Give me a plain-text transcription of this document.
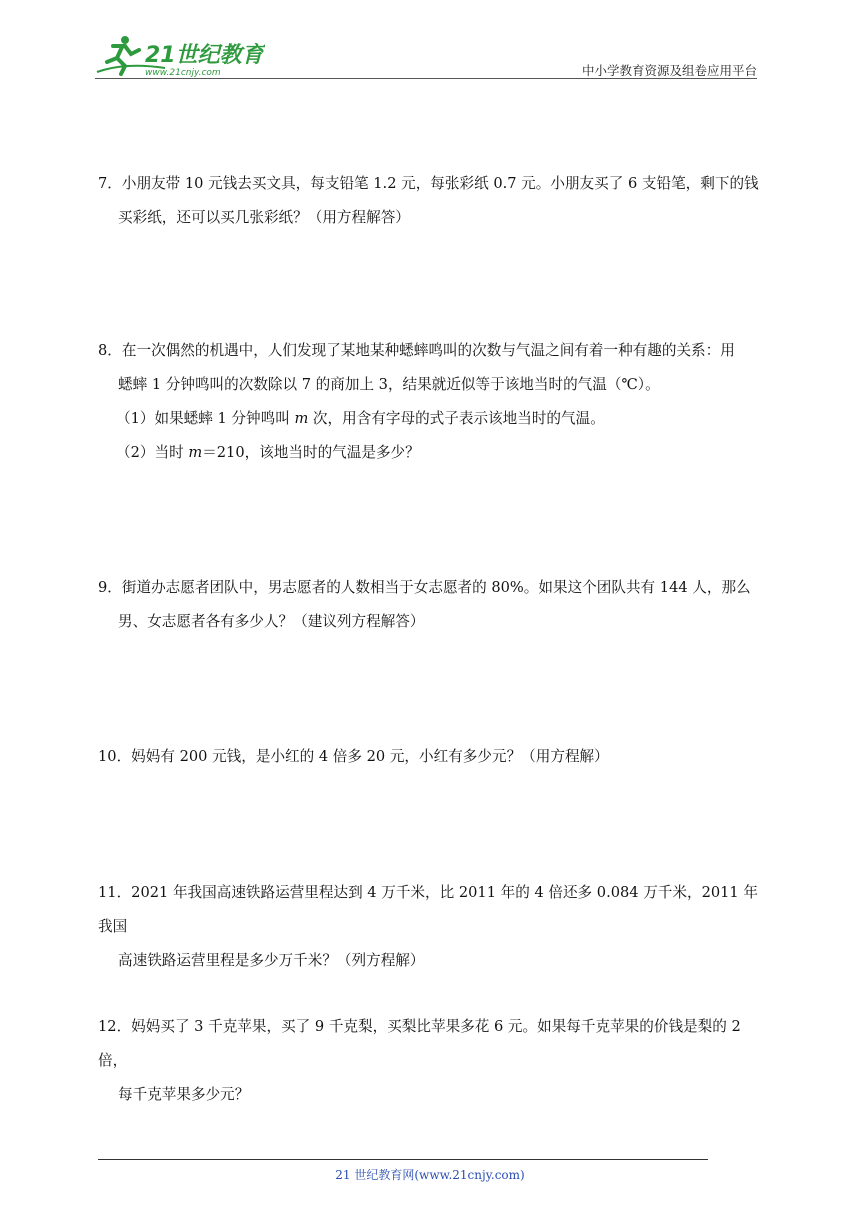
21世纪教育
www.21cnjy.com	中小学教育资源及组卷应用平台
7．小朋友带 10 元钱去买文具，每支铅笔 1.2 元，每张彩纸 0.7 元。小朋友买了 6 支铅笔，剩下的钱
买彩纸，还可以买几张彩纸？（用方程解答）
8．在一次偶然的机遇中，人们发现了某地某种蟋蟀鸣叫的次数与气温之间有着一种有趣的关系：用
蟋蟀 1 分钟鸣叫的次数除以 7 的商加上 3，结果就近似等于该地当时的气温（℃）。
（1）如果蟋蟀 1 分钟鸣叫 m 次，用含有字母的式子表示该地当时的气温。
（2）当时 m＝210，该地当时的气温是多少？
9．街道办志愿者团队中，男志愿者的人数相当于女志愿者的 80%。如果这个团队共有 144 人，那么
男、女志愿者各有多少人？（建议列方程解答）
10．妈妈有 200 元钱，是小红的 4 倍多 20 元，小红有多少元？（用方程解）
11．2021 年我国高速铁路运营里程达到 4 万千米，比 2011 年的 4 倍还多 0.084 万千米，2011 年我国
高速铁路运营里程是多少万千米？（列方程解）
12．妈妈买了 3 千克苹果，买了 9 千克梨，买梨比苹果多花 6 元。如果每千克苹果的价钱是梨的 2 倍，
每千克苹果多少元？
21 世纪教育网(www.21cnjy.com)
